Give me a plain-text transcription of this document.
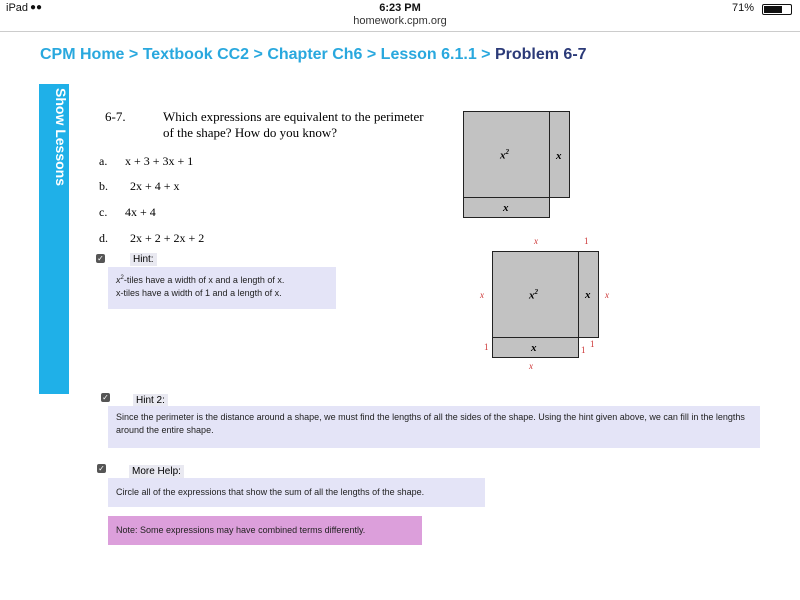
iPad ●●	6:23 PM	71%
homework.cpm.org
CPM Home > Textbook CC2 > Chapter Ch6 > Lesson 6.1.1 > Problem 6-7
Show Lessons	6-7.	Which expressions are equivalent to the perimeter of the shape? How do you know?
a. x + 3 + 3x + 1
b. 2x + 4 + x
c. 4x + 4
d. 2x + 2 + 2x + 2
✓	Hint:
$x^2$-tiles have a width of x and a length of x.
x-tiles have a width of 1 and a length of x.
$x^2$	x
x
$x^2$	x
x
x	1
x	x
1	1
1
x
✓	Hint 2:
Since the perimeter is the distance around a shape, we must find the lengths of all the sides of the shape. Using the hint given above, we can fill in the lengths around the entire shape.
✓	More Help:
Circle all of the expressions that show the sum of all the lengths of the shape.
Note: Some expressions may have combined terms differently.
